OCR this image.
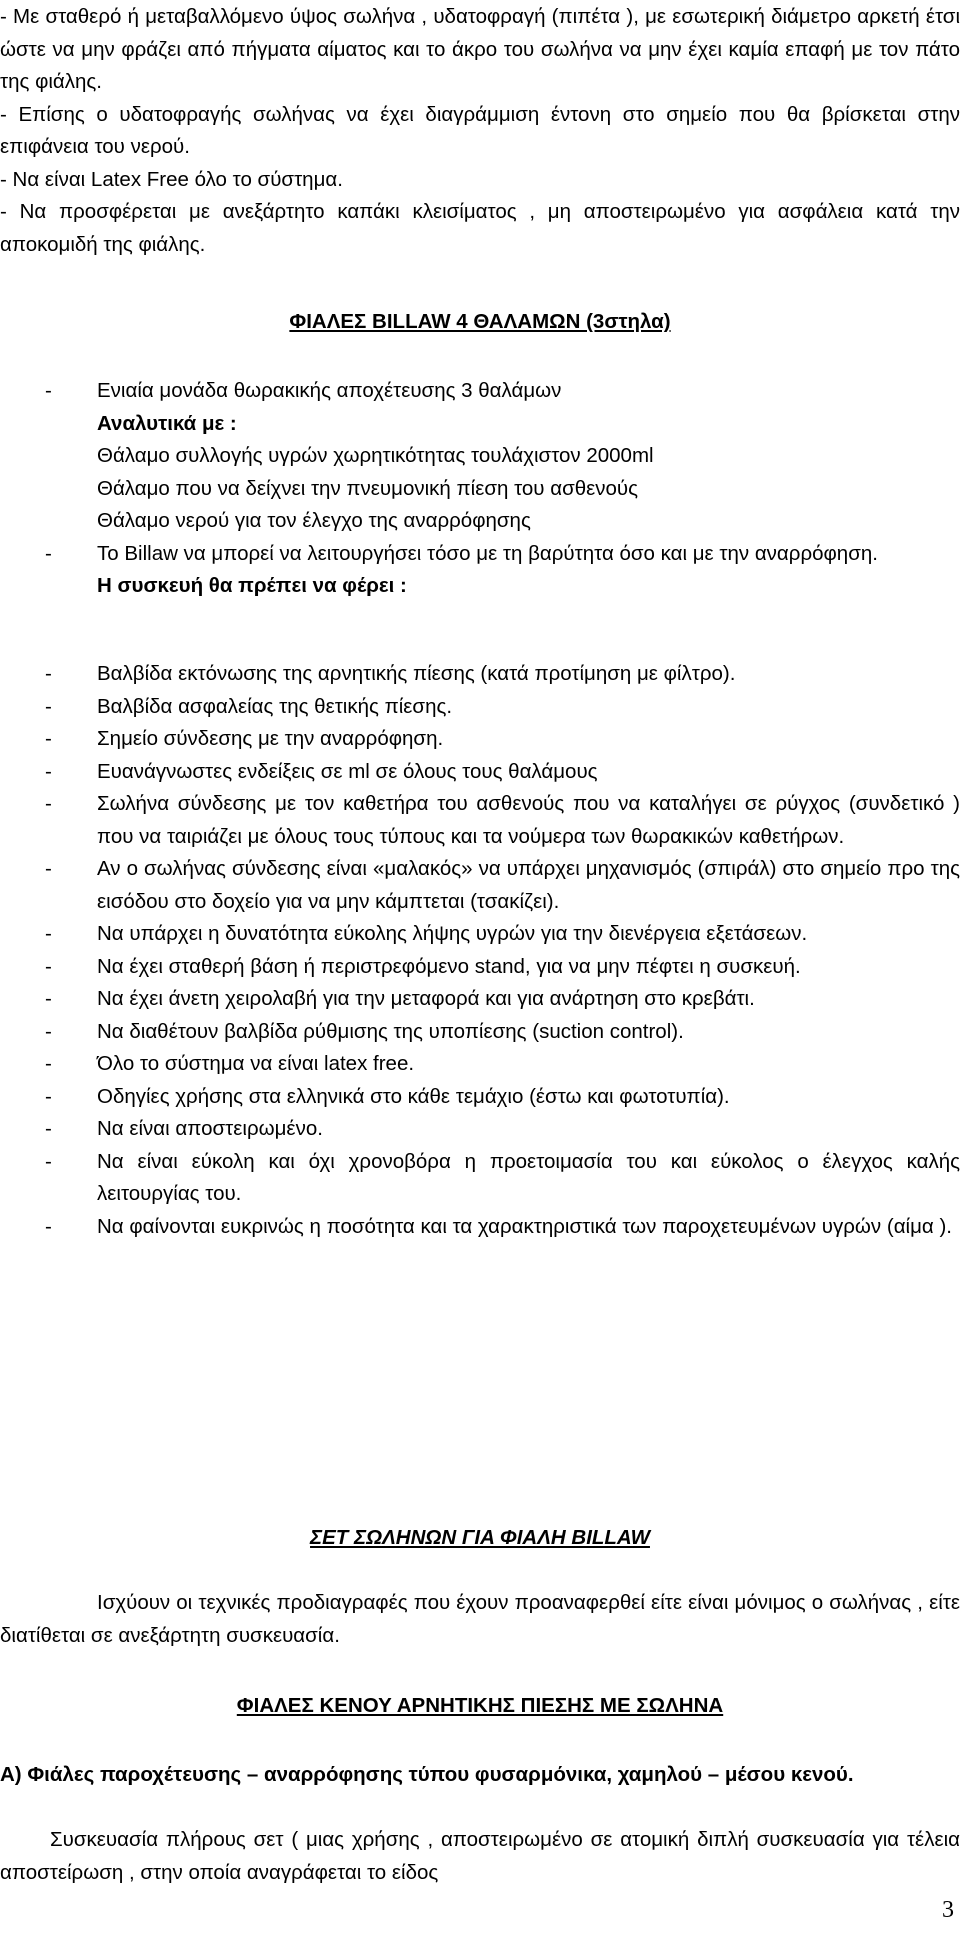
- Με σταθερό ή μεταβαλλόμενο ύψος σωλήνα , υδατοφραγή (πιπέτα ), με εσωτερική διάμετρο αρκετή έτσι ώστε να μην φράζει από πήγματα αίματος και το άκρο του σωλήνα να μην έχει καμία επαφή με τον πάτο της φιάλης.
- Επίσης ο υδατοφραγής σωλήνας να έχει διαγράμμιση έντονη στο σημείο που θα βρίσκεται στην επιφάνεια του νερού.
- Να είναι Latex Free όλο το σύστημα.
- Να προσφέρεται με ανεξάρτητο καπάκι κλεισίματος , μη αποστειρωμένο για ασφάλεια κατά την αποκομιδή της φιάλης.
ΦΙΑΛΕΣ BILLAW 4 ΘΑΛΑΜΩΝ (3στηλα)
- Ενιαία μονάδα θωρακικής αποχέτευσης 3 θαλάμων
Αναλυτικά με :
Θάλαμο συλλογής υγρών χωρητικότητας τουλάχιστον 2000ml
Θάλαμο που να δείχνει την πνευμονική πίεση του ασθενούς
Θάλαμο νερού για τον έλεγχο της αναρρόφησης
- Το Billaw να μπορεί να λειτουργήσει τόσο με τη βαρύτητα όσο και με την αναρρόφηση.
Η συσκευή θα πρέπει να φέρει :
- Βαλβίδα εκτόνωσης της αρνητικής πίεσης (κατά προτίμηση με φίλτρο).
- Βαλβίδα ασφαλείας της θετικής πίεσης.
- Σημείο σύνδεσης με την αναρρόφηση.
- Ευανάγνωστες ενδείξεις σε ml σε όλους τους θαλάμους
- Σωλήνα σύνδεσης με τον καθετήρα του ασθενούς που να καταλήγει σε ρύγχος (συνδετικό ) που να ταιριάζει με όλους τους τύπους και τα νούμερα των θωρακικών καθετήρων.
- Αν ο σωλήνας σύνδεσης είναι «μαλακός» να υπάρχει μηχανισμός (σπιράλ) στο σημείο προ της εισόδου στο δοχείο για να μην κάμπτεται (τσακίζει).
- Να υπάρχει η δυνατότητα εύκολης λήψης υγρών για την διενέργεια εξετάσεων.
- Να έχει σταθερή βάση ή περιστρεφόμενο stand, για να μην πέφτει η συσκευή.
- Να έχει άνετη χειρολαβή για την μεταφορά και για ανάρτηση στο κρεβάτι.
- Να διαθέτουν βαλβίδα ρύθμισης της υποπίεσης (suction control).
- Όλο το σύστημα να είναι latex free.
- Οδηγίες χρήσης στα ελληνικά στο κάθε τεμάχιο (έστω και φωτοτυπία).
- Να είναι αποστειρωμένο.
- Να είναι εύκολη και όχι χρονοβόρα η προετοιμασία του και εύκολος ο έλεγχος καλής λειτουργίας του.
- Να φαίνονται ευκρινώς η ποσότητα και τα χαρακτηριστικά των παροχετευμένων υγρών (αίμα ).
ΣΕΤ ΣΩΛΗΝΩΝ ΓΙΑ ΦΙΑΛΗ BILLAW
Ισχύουν οι τεχνικές προδιαγραφές που έχουν προαναφερθεί είτε είναι μόνιμος ο σωλήνας , είτε διατίθεται σε ανεξάρτητη συσκευασία.
ΦΙΑΛΕΣ ΚΕΝΟΥ ΑΡΝΗΤΙΚΗΣ ΠΙΕΣΗΣ ΜΕ ΣΩΛΗΝΑ
A) Φιάλες παροχέτευσης – αναρρόφησης τύπου φυσαρμόνικα, χαμηλού – μέσου κενού.
Συσκευασία πλήρους σετ ( μιας χρήσης , αποστειρωμένο σε ατομική διπλή συσκευασία για τέλεια αποστείρωση , στην οποία αναγράφεται το είδος
3
